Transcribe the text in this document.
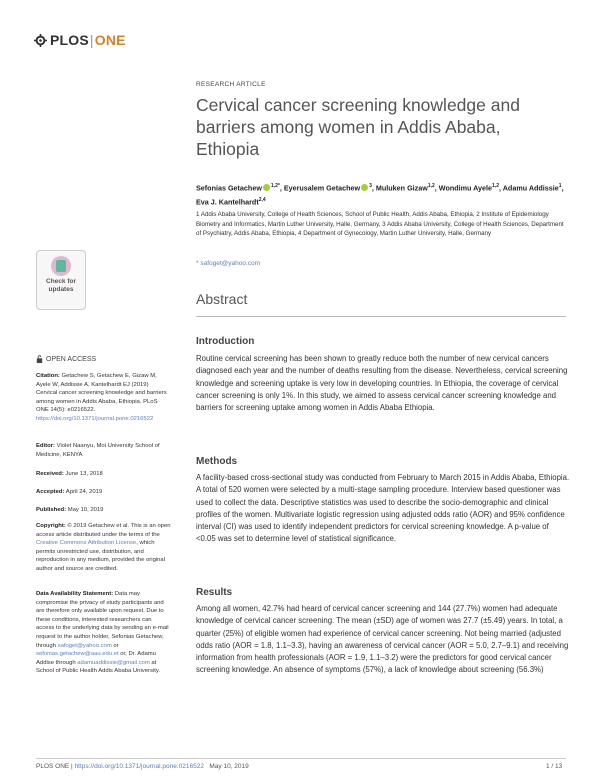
PLOS | ONE
RESEARCH ARTICLE
Cervical cancer screening knowledge and barriers among women in Addis Ababa, Ethiopia
Sefonias Getachew $^{1,2*}$, Eyerusalem Getachew $^3$, Muluken Gizaw$^{1,2}$, Wondimu Ayele$^{1,2}$, Adamu Addissie$^1$, Eva J. Kantelhardt$^{2,4}$
1 Addis Ababa University, College of Health Sciences, School of Public Health, Addis Ababa, Ethiopia, 2 Institute of Epidemiology Biometry and Informatics, Martin Luther University, Halle, Germany, 3 Addis Ababa University, College of Health Sciences, Department of Psychiatry, Addis Ababa, Ethiopia, 4 Department of Gynecology, Martin Luther University, Halle, Germany
* safoget@yahoo.com
Abstract
Introduction

Routine cervical screening has been shown to greatly reduce both the number of new cervical cancers diagnosed each year and the number of deaths resulting from the disease. Nevertheless, cervical screening knowledge and screening uptake is very low in developing countries. In Ethiopia, the coverage of cervical cancer screening is only 1%. In this study, we aimed to assess cervical cancer screening knowledge and barriers for screening uptake among women in Addis Ababa Ethiopia.

Methods

A facility-based cross-sectional study was conducted from February to March 2015 in Addis Ababa, Ethiopia. A total of 520 women were selected by a multi-stage sampling procedure. Interview based questioner was used to collect the data. Descriptive statistics was used to describe the socio-demographic and clinical profiles of the women. Multivariate logistic regression using adjusted odds ratio (AOR) and 95% confidence interval (CI) was used to identify independent predictors for cervical screening knowledge. A p-value of <0.05 was set to determine level of statistical significance.

Results

Among all women, 42.7% had heard of cervical cancer screening and 144 (27.7%) women had adequate knowledge of cervical cancer screening. The mean (±SD) age of women was 27.7 (±5.49) years. In total, a quarter (25%) of eligible women had experience of cervical cancer screening. Not being married (adjusted odds ratio (AOR = 1.8, 1.1–3.3), having an awareness of cervical cancer (AOR = 5.0, 2.7–9.1) and receiving information from health professionals (AOR = 1.9, 1.1–3.2) were the predictors for good cervical cancer screening knowledge. An absence of symptoms (57%), a lack of knowledge about screening (56.3%)

Check for
updates
OPEN ACCESS
Citation: Getachew S, Getachew E, Gizaw M, Ayele W, Addissie A, Kantelhardt EJ (2019) Cervical cancer screening knowledge and barriers among women in Addis Ababa, Ethiopia. PLoS ONE 14(5): e0216522. https://doi.org/10.1371/journal.pone.0216522
Editor: Violet Naanyu, Moi University School of Medicine, KENYA
Received: June 13, 2018
Accepted: April 24, 2019
Published: May 10, 2019
Copyright: © 2019 Getachew et al. This is an open access article distributed under the terms of the Creative Commons Attribution License, which permits unrestricted use, distribution, and reproduction in any medium, provided the original author and source are credited.
Data Availability Statement: Data may compromise the privacy of study participants and are therefore only available upon request. Due to these conditions, interested researchers can access to the underlying data by sending an e-mail request to the author holder, Sefonias Getachew, through safoget@yahoo.com or sefonias.getachew@aau.edu.et or, Dr. Adamu Addise through adamuaddissie@gmail.com at School of Public Health Addis Ababa University.
PLOS ONE | https://doi.org/10.1371/journal.pone.0216522 May 10, 2019	1 / 13
